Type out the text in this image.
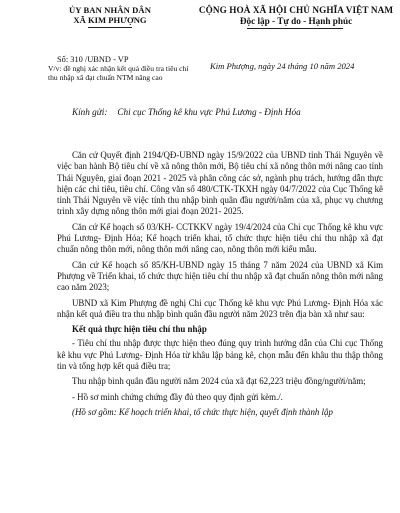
ỦY BAN NHÂN DÂN
XÃ KIM PHƯỢNG
CỘNG HOÀ XÃ HỘI CHỦ NGHĨA VIỆT NAM
Độc lập - Tự do - Hạnh phúc
Số: 310 /UBND - VP
V/v: đề nghị xác nhận kết quả điều tra tiêu chí thu nhập xã đạt chuẩn NTM nâng cao
Kim Phượng, ngày 24 tháng 10 năm 2024
Kính gửi: Chi cục Thống kê khu vực Phú Lương - Định Hóa

Căn cứ Quyết định 2194/QĐ-UBND ngày 15/9/2022 của UBND tỉnh Thái Nguyên về việc ban hành Bộ tiêu chí về xã nông thôn mới, Bộ tiêu chí xã nông thôn mới nâng cao tỉnh Thái Nguyên, giai đoạn 2021 - 2025 và phân công các sở, ngành phụ trách, hướng dẫn thực hiện các chỉ tiêu, tiêu chí. Công văn số 480/CTK-TKXH ngày 04/7/2022 của Cục Thống kê tỉnh Thái Nguyên về việc tính thu nhập bình quân đầu người/năm của xã, phục vụ chương trình xây dựng nông thôn mới giai đoạn 2021- 2025.

Căn cứ Kế hoạch số 03/KH- CCTKKV ngày 19/4/2024 của Chi cục Thống kê khu vực Phú Lương- Định Hóa; Kế hoạch triển khai, tổ chức thực hiện tiêu chí thu nhập xã đạt chuẩn nông thôn mới, nông thôn mới nâng cao, nông thôn mới kiểu mẫu.

Căn cứ Kế hoạch số 85/KH-UBND ngày 15 tháng 7 năm 2024 của UBND xã Kim Phượng về Triển khai, tổ chức thực hiện tiêu chí thu nhập xã đạt chuẩn nông thôn mới nâng cao năm 2023;

UBND xã Kim Phượng đề nghị Chi cục Thống kê khu vực Phú Lương- Định Hóa xác nhận kết quả điều tra thu nhập bình quân đầu người năm 2023 trên địa bàn xã như sau:

Kết quả thực hiện tiêu chí thu nhập

- Tiêu chí thu nhập được thực hiện theo đúng quy trình hướng dẫn của Chi cục Thống kê khu vực Phú Lương- Định Hóa từ khâu lập bảng kê, chọn mẫu đến khâu thu thập thông tin và tổng hợp kết quả điều tra;

Thu nhập bình quân đầu người năm 2024 của xã đạt 62,223 triệu đồng/người/năm;

- Hồ sơ minh chứng chứng đầy đủ theo quy định gửi kèm./.

(Hồ sơ gồm: Kế hoạch triển khai, tổ chức thực hiện, quyết định thành lập
